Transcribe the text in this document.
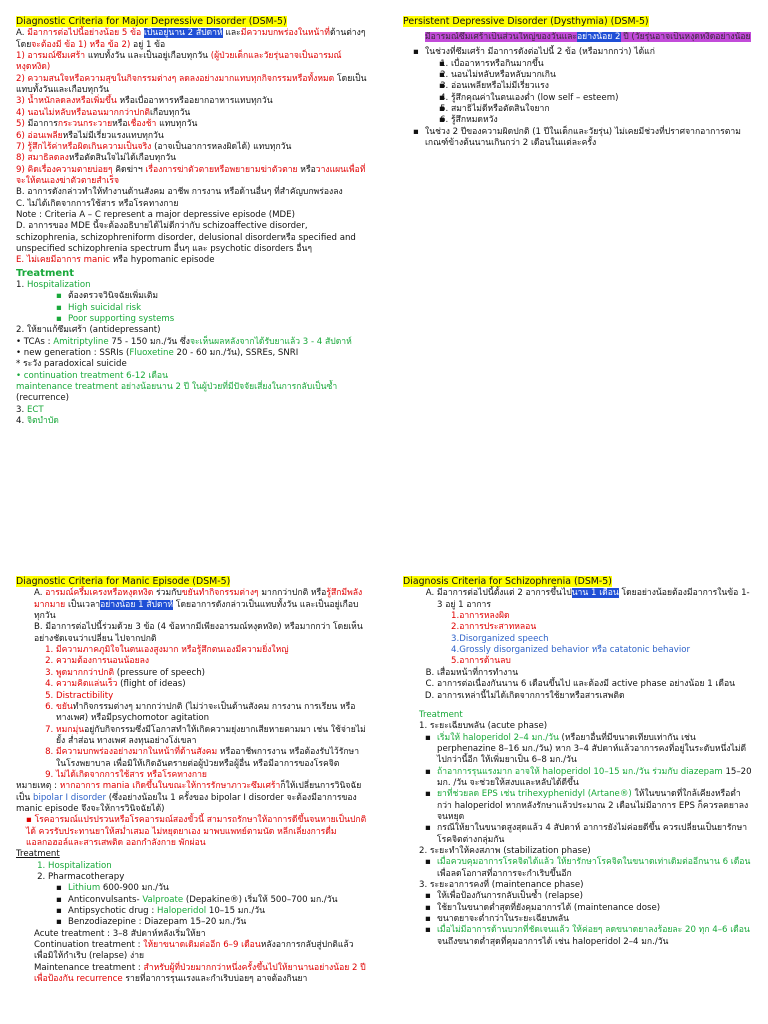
Diagnostic Criteria for Major Depressive Disorder (DSM-5)

A. มีอาการต่อไปนี้อย่างน้อย 5 ข้อ เป็นอยู่นาน 2 สัปดาห์ และมีความบกพร่องในหน้าที่ด้านต่างๆ โดยจะต้องมี ข้อ 1) หรือ ข้อ 2) อยู่ 1 ข้อ

1) อารมณ์ซึมเศร้า แทบทั้งวัน และเป็นอยู่เกือบทุกวัน (ผู้ป่วยเด็กและวัยรุ่นอาจเป็นอารมณ์หงุดหงิด)

2) ความสนใจหรือความสุขในกิจกรรมต่างๆ ลดลงอย่างมากแทบทุกกิจกรรมหรือทั้งหมด โดยเป็นแทบทั้งวันและเกือบทุกวัน

3) น้ำหนักลดลงหรือเพิ่มขึ้น หรือเบื่ออาหารหรืออยากอาหารแทบทุกวัน

4) นอนไม่หลับหรือนอนมากกว่าปกติเกือบทุกวัน

5) มีอาการกระวนกระวายหรือเชื่องช้า แทบทุกวัน

6) อ่อนเพลียหรือไม่มีเรี่ยวแรงแทบทุกวัน

7) รู้สึกไร้ค่าหรือผิดเกินความเป็นจริง (อาจเป็นอาการหลงผิดได้) แทบทุกวัน

8) สมาธิลดลงหรือตัดสินใจไม่ได้เกือบทุกวัน

9) คิดเรื่องความตายบ่อยๆ คิดฆ่าฯ เรื่องการฆ่าตัวตายหรือพยายามฆ่าตัวตาย หรือวางแผนเพื่อที่จะให้ตนเองฆ่าตัวตายสำเร็จ

B. อาการดังกล่าวทำให้ทำงานด้านสังคม อาชีพ การงาน หรือด้านอื่นๆ ที่สำคัญบกพร่องลง

C. ไม่ได้เกิดจากการใช้สาร หรือโรคทางกาย

Note : Criteria A – C represent a major depressive episode (MDE)

D. อาการของ MDE นี้จะต้องอธิบายได้ไม่ดีกว่ากับ schizoaffective disorder, schizophrenia, schizophreniform disorder, delusional disorderหรือ specified and unspecified schizophrenia spectrum อื่นๆ และ psychotic disorders อื่นๆ

E. ไม่เคยมีอาการ manic หรือ hypomanic episode

Treatment

1. Hospitalization

▪ ต้องตรวจวินิจฉัยเพิ่มเติม
▪ High suicidal risk
▪ Poor supporting systems

2. ให้ยาแก้ซึมเศร้า (antidepressant)

• TCAs : Amitriptyline 75 - 150 มก./วัน ซึ่งจะเห็นผลหลังจากได้รับยาแล้ว 3 - 4 สัปดาห์

• new generation : SSRIs (Fluoxetine 20 - 60 มก./วัน), SSREs, SNRI

* ระวัง paradoxical suicide

• continuation treatment 6-12 เดือน

maintenance treatment อย่างน้อยนาน 2 ปี ในผู้ป่วยที่มีปัจจัยเสี่ยงในการกลับเป็นซ้ำ (recurrence)

3. ECT

4. จิตบำบัด

Persistent Depressive Disorder (Dysthymia) (DSM-5)
▪ มีอารมณ์ซึมเศร้าเป็นส่วนใหญ่ของวันและอย่างน้อย 2 ปี (วัยรุ่นอาจเป็นหงุดหงิดอย่างน้อย
▪ ในช่วงที่ซึมเศร้า มีอาการดังต่อไปนี้ 2 ข้อ (หรือมากกว่า) ได้แก่
▪ 1. เบื่ออาหารหรือกินมากขึ้น
▪ 2. นอนไม่หลับหรือหลับมากเกิน
▪ 3. อ่อนเพลียหรือไม่มีเรี่ยวแรง
▪ 4. รู้สึกคุณค่าในตนเองต่ำ (low self – esteem)
▪ 5. สมาธิไม่ดีหรือตัดสินใจยาก
▪ 6. รู้สึกหมดหวัง
▪ ในช่วง 2 ปีของความผิดปกติ (1 ปีในเด็กและวัยรุ่น) ไม่เคยมีช่วงที่ปราศจากอาการตามเกณฑ์ข้างต้นนานเกินกว่า 2 เดือนในแต่ละครั้ง
Diagnostic Criteria for Manic Episode (DSM-5)

A. อารมณ์ครึ้มเครงหรือหงุดหงิด ร่วมกับขยันทำกิจกรรมต่างๆ มากกว่าปกติ หรือรู้สึกมีพลังมากมาย เป็นเวลาอย่างน้อย 1 สัปดาห์ โดยอาการดังกล่าวเป็นแทบทั้งวัน และเป็นอยู่เกือบทุกวัน

B. มีอาการต่อไปนี้ร่วมด้วย 3 ข้อ (4 ข้อหากมีเพียงอารมณ์หงุดหงิด) หรือมากกว่า โดยเห็นอย่างชัดเจนว่าเปลี่ยน ไปจากปกติ

1. มีความภาคภูมิใจในตนเองสูงมาก หรือรู้สึกตนเองมีความยิ่งใหญ่
2. ความต้องการนอนน้อยลง
3. พูดมากกว่าปกติ (pressure of speech)
4. ความคิดแล่นเร็ว (flight of ideas)
5. Distractibility
6. ขยันทำกิจกรรมต่างๆ มากกว่าปกติ (ไม่ว่าจะเป็นด้านสังคม การงาน การเรียน หรือทางเพศ) หรือมีpsychomotor agitation
7. หมกมุ่นอยู่กับกิจกรรมซึ่งมีโอกาสทำให้เกิดความยุ่งยากเสียหายตามมา เช่น ใช้จ่ายไม่ยั้ง ส่ำส่อน ทางเพศ ลงทุนอย่างโง่เขลา
8. มีความบกพร่องอย่างมากในหน้าที่ด้านสังคม หรืออาชีพการงาน หรือต้องรับไว้รักษาในโรงพยาบาล เพื่อมิให้เกิดอันตรายต่อผู้ป่วยหรือผู้อื่น หรือมีอาการของโรคจิต
9. ไม่ได้เกิดจากการใช้สาร หรือโรคทางกาย

หมายเหตุ : หากอาการ mania เกิดขึ้นในขณะให้การรักษาภาวะซึมเศร้าก็ให้เปลี่ยนการวินิจฉัยเป็น bipolar I disorder (ซึ่งอย่างน้อยใน 1 ครั้งของ bipolar I disorder จะต้องมีอาการของ manic episode จึงจะให้การวินิจฉัยได้)

▪ โรคอารมณ์แปรปรวนหรือโรคอารมณ์สองขั้วนี้ สามารถรักษาให้อาการดีขึ้นจนหายเป็นปกติได้ ควรรับประทานยาให้สม่ำเสมอ ไม่หยุดยาเอง มาพบแพทย์ตามนัด หลีกเลี่ยงการดื่มแอลกอฮอล์และสารเสพติด ออกกำลังกาย พักผ่อน

Treatment

1. Hospitalization
2. Pharmacotherapy
▪ Lithium 600-900 มก./วัน
▪ Anticonvulsants- Valproate (Depakine®) เริ่มให้ 500–700 มก./วัน
▪ Antipsychotic drug : Haloperidol 10–15 มก./วัน
▪ Benzodiazepine : Diazepam 15–20 มก./วัน

Acute treatment : 3–8 สัปดาห์หลังเริ่มให้ยา

Continuation treatment : ให้ยาขนาดเดิมต่ออีก 6–9 เดือนหลังอาการกลับสู่ปกติแล้ว เพื่อมิให้กำเริบ (relapse) ง่าย

Maintenance treatment : สำหรับผู้ที่ป่วยมากกว่าหนึ่งครั้งขึ้นไปให้ยานานอย่างน้อย 2 ปีเพื่อป้องกัน recurrence รายที่อาการรุนแรงและกำเริบบ่อยๆ อาจต้องกินยา

Diagnosis Criteria for Schizophrenia (DSM-5)
A. มีอาการต่อไปนี้ตั้งแต่ 2 อาการขึ้นไปนาน 1 เดือน โดยอย่างน้อยต้องมีอาการในข้อ 1-3 อยู่ 1 อาการ
1.อาการหลงผิด
2.อาการประสาทหลอน
3.Disorganized speech
4.Grossly disorganized behavior หรือ catatonic behavior
5.อาการด้านลบ
B. เสื่อมหน้าที่การทำงาน
C. อาการต่อเนื่องกันนาน 6 เดือนขึ้นไป และต้องมี active phase อย่างน้อย 1 เดือน
D. อาการเหล่านี้ไม่ได้เกิดจากการใช้ยาหรือสารเสพติด

Treatment

1. ระยะเฉียบพลัน (acute phase)

▪ เริ่มให้ haloperidol 2–4 มก./วัน (หรือยาอื่นที่มีขนาดเทียบเท่ากัน เช่น perphenazine 8–16 มก./วัน) หาก 3–4 สัปดาห์แล้วอาการคงที่อยู่ในระดับหนึ่งไม่ดีไปกว่านี้อีก ให้เพิ่มยาเป็น 6–8 มก./วัน
▪ ถ้าอาการรุนแรงมาก อาจให้ haloperidol 10–15 มก./วัน ร่วมกับ diazepam 15–20 มก. /วัน จะช่วยให้สงบและหลับได้ดีขึ้น
▪ ยาที่ช่วยลด EPS เช่น trihexyphenidyl (Artane®) ให้ในขนาดที่ใกล้เคียงหรือต่ำกว่า haloperidol หากหลังรักษาแล้วประมาณ 2 เดือนไม่มีอาการ EPS ก็ควรลดยาลงจนหยุด
▪ กรณีให้ยาในขนาดสูงสุดแล้ว 4 สัปดาห์ อาการยังไม่ค่อยดีขึ้น ควรเปลี่ยนเป็นยารักษาโรคจิตต่างกลุ่มกัน

2. ระยะทำให้คงสภาพ (stabilization phase)

▪ เมื่อควบคุมอาการโรคจิตได้แล้ว ให้ยารักษาโรคจิตในขนาดเท่าเดิมต่ออีกนาน 6 เดือนเพื่อลดโอกาสที่อาการจะกำเริบขึ้นอีก

3. ระยะอาการคงที่ (maintenance phase)

▪ ให้เพื่อป้องกันการกลับเป็นซ้ำ (relapse)
▪ ใช้ยาในขนาดต่ำสุดที่ยังคุมอาการได้ (maintenance dose)
▪ ขนาดยาจะต่ำกว่าในระยะเฉียบพลัน
▪ เมื่อไม่มีอาการด้านบวกที่ชัดเจนแล้ว ให้ค่อยๆ ลดขนาดยาลงร้อยละ 20 ทุก 4–6 เดือน จนถึงขนาดต่ำสุดที่คุมอาการได้ เช่น haloperidol 2–4 มก./วัน
